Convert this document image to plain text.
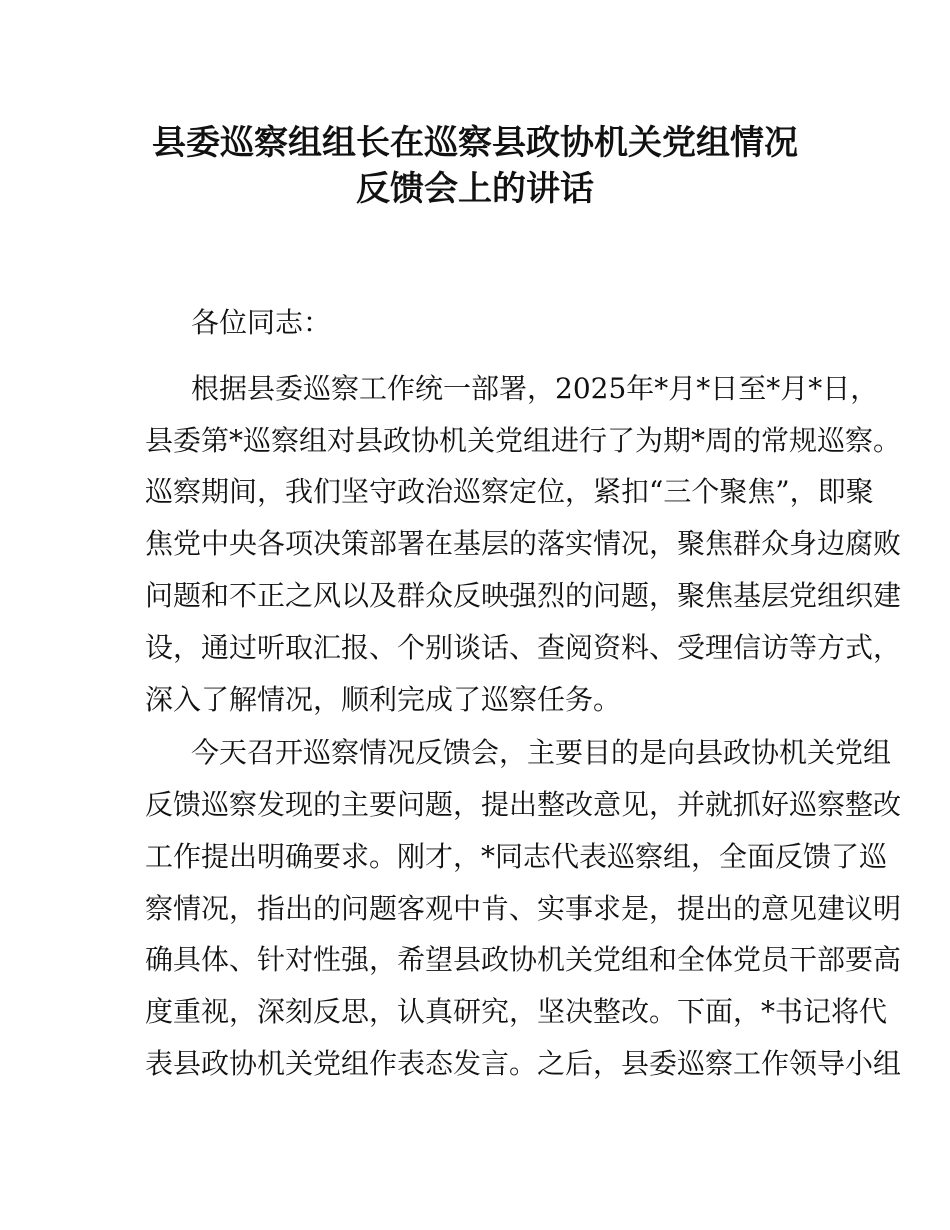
县委巡察组组长在巡察县政协机关党组情况
反馈会上的讲话
各位同志：
根据县委巡察工作统一部署，2025年*月*日至*月*日，
县委第*巡察组对县政协机关党组进行了为期*周的常规巡察。
巡察期间，我们坚守政治巡察定位，紧扣“三个聚焦”，即聚
焦党中央各项决策部署在基层的落实情况，聚焦群众身边腐败
问题和不正之风以及群众反映强烈的问题，聚焦基层党组织建
设，通过听取汇报、个别谈话、查阅资料、受理信访等方式，
深入了解情况，顺利完成了巡察任务。
今天召开巡察情况反馈会，主要目的是向县政协机关党组
反馈巡察发现的主要问题，提出整改意见，并就抓好巡察整改
工作提出明确要求。刚才，*同志代表巡察组，全面反馈了巡
察情况，指出的问题客观中肯、实事求是，提出的意见建议明
确具体、针对性强，希望县政协机关党组和全体党员干部要高
度重视，深刻反思，认真研究，坚决整改。下面，*书记将代
表县政协机关党组作表态发言。之后，县委巡察工作领导小组
